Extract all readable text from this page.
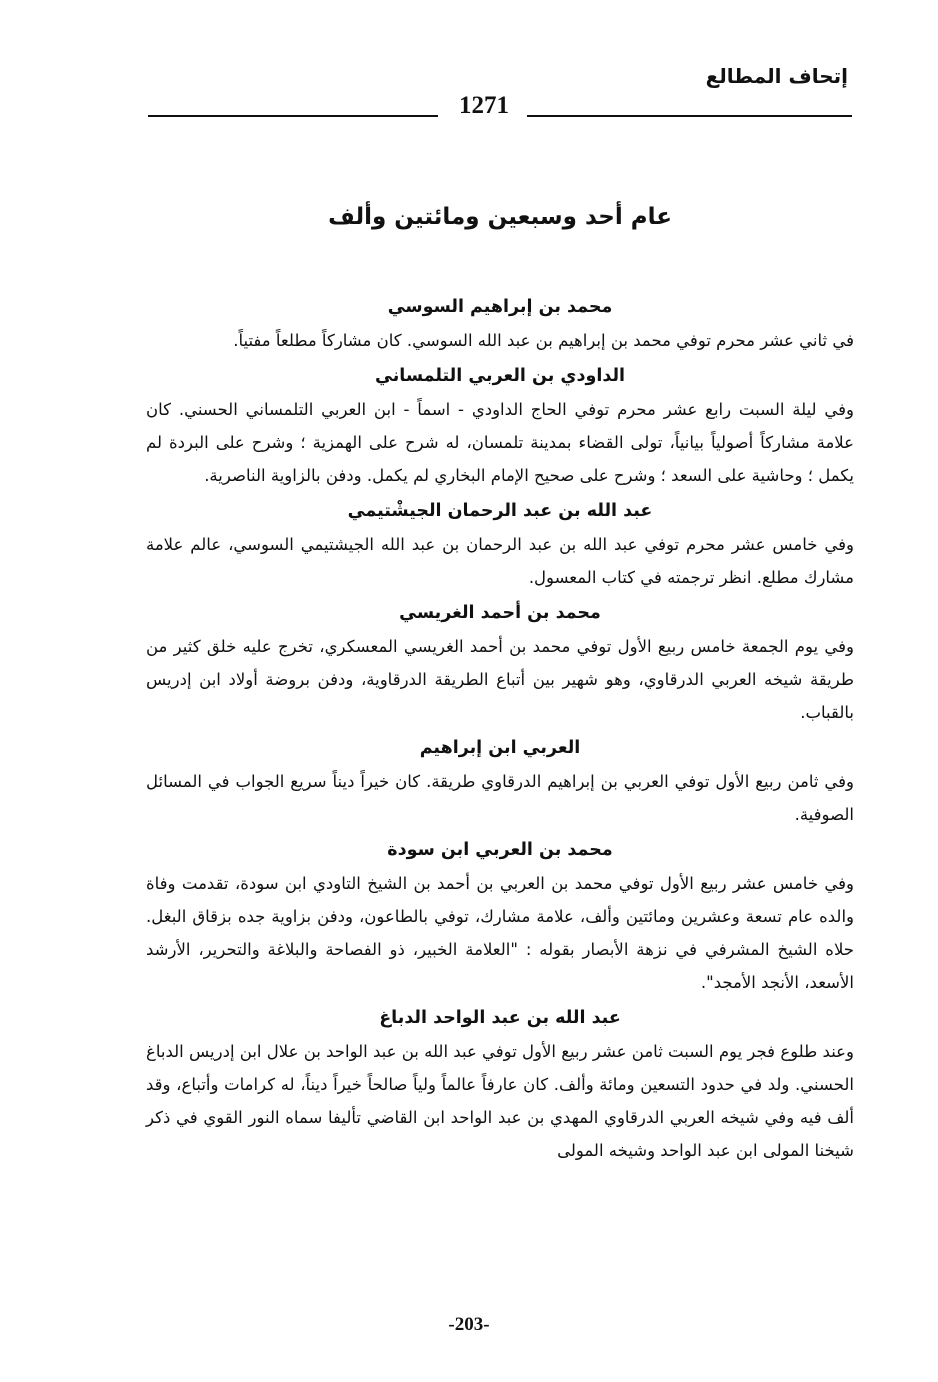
إتحاف المطالع
1271
عام أحد وسبعين ومائتين وألف
محمد بن إبراهيم السوسي
في ثاني عشر محرم توفي محمد بن إبراهيم بن عبد الله السوسي. كان مشاركاً مطلعاً مفتياً.
الداودي بن العربي التلمساني
وفي ليلة السبت رابع عشر محرم توفي الحاج الداودي - اسماً - ابن العربي التلمساني الحسني. كان علامة مشاركاً أصولياً بيانياً، تولى القضاء بمدينة تلمسان، له شرح على الهمزية ؛ وشرح على البردة لم يكمل ؛ وحاشية على السعد ؛ وشرح على صحيح الإمام البخاري لم يكمل. ودفن بالزاوية الناصرية.
عبد الله بن عبد الرحمان الجيشْتيمي
وفي خامس عشر محرم توفي عبد الله بن عبد الرحمان بن عبد الله الجيشتيمي السوسي، عالم علامة مشارك مطلع. انظر ترجمته في كتاب المعسول.
محمد بن أحمد الغريسي
وفي يوم الجمعة خامس ربيع الأول توفي محمد بن أحمد الغريسي المعسكري، تخرج عليه خلق كثير من طريقة شيخه العربي الدرقاوي، وهو شهير بين أتباع الطريقة الدرقاوية، ودفن بروضة أولاد ابن إدريس بالقباب.
العربي ابن إبراهيم
وفي ثامن ربيع الأول توفي العربي بن إبراهيم الدرقاوي طريقة. كان خيراً ديناً سريع الجواب في المسائل الصوفية.
محمد بن العربي ابن سودة
وفي خامس عشر ربيع الأول توفي محمد بن العربي بن أحمد بن الشيخ التاودي ابن سودة، تقدمت وفاة والده عام تسعة وعشرين ومائتين وألف، علامة مشارك، توفي بالطاعون، ودفن بزاوية جده بزقاق البغل. حلاه الشيخ المشرفي في نزهة الأبصار بقوله : "العلامة الخبير، ذو الفصاحة والبلاغة والتحرير، الأرشد الأسعد، الأنجد الأمجد".
عبد الله بن عبد الواحد الدباغ
وعند طلوع فجر يوم السبت ثامن عشر ربيع الأول توفي عبد الله بن عبد الواحد بن علال ابن إدريس الدباغ الحسني. ولد في حدود التسعين ومائة وألف. كان عارفاً عالماً ولياً صالحاً خيراً ديناً، له كرامات وأتباع، وقد ألف فيه وفي شيخه العربي الدرقاوي المهدي بن عبد الواحد ابن القاضي تأليفا سماه النور القوي في ذكر شيخنا المولى ابن عبد الواحد وشيخه المولى
-203-
